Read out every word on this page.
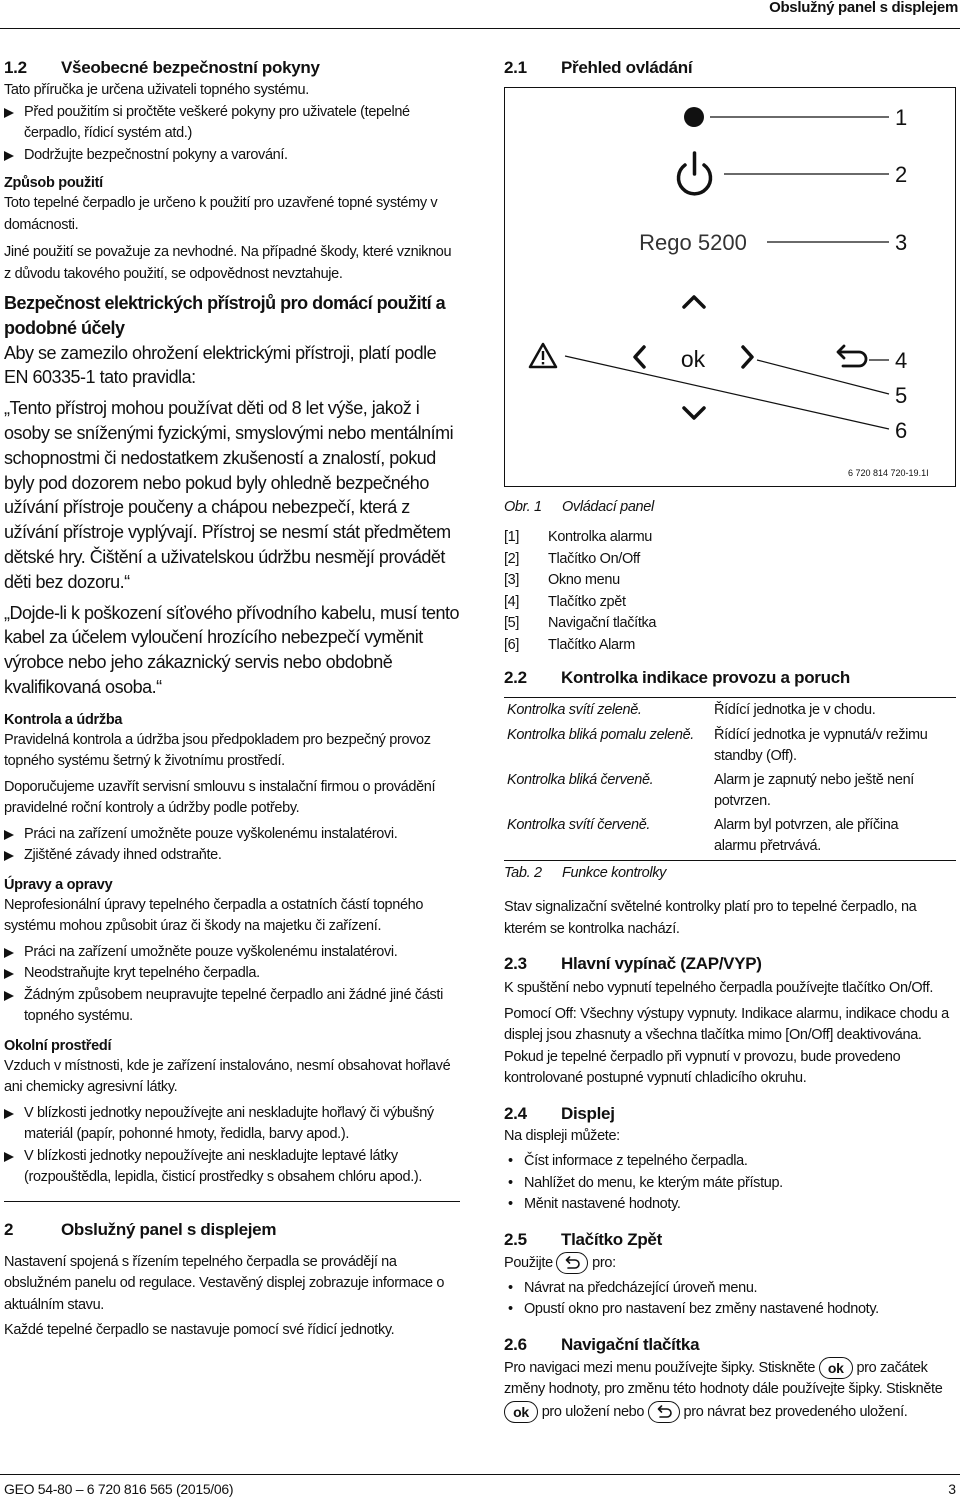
Obslužný panel s displejem
1.2 Všeobecné bezpečnostní pokyny
Tato příručka je určena uživateli topného systému.
Před použitím si pročtěte veškeré pokyny pro uživatele (tepelné čerpadlo, řídicí systém atd.)
Dodržujte bezpečnostní pokyny a varování.
Způsob použití
Toto tepelné čerpadlo je určeno k použití pro uzavřené topné systémy v domácnosti.
Jiné použití se považuje za nevhodné. Na případné škody, které vzniknou z důvodu takového použití, se odpovědnost nevztahuje.
Bezpečnost elektrických přístrojů pro domácí použití a podobné účely
Aby se zamezilo ohrožení elektrickými přístroji, platí podle EN 60335-1 tato pravidla:
„Tento přístroj mohou používat děti od 8 let výše, jakož i osoby se sníženými fyzickými, smyslovými nebo mentálními schopnostmi či nedostatkem zkušeností a znalostí, pokud byly pod dozorem nebo pokud byly ohledně bezpečného užívání přístroje poučeny a chápou nebezpečí, která z užívání přístroje vyplývají. Přístroj se nesmí stát předmětem dětské hry. Čištění a uživatelskou údržbu nesmějí provádět děti bez dozoru.“
„Dojde-li k poškození síťového přívodního kabelu, musí tento kabel za účelem vyloučení hrozícího nebezpečí vyměnit výrobce nebo jeho zákaznický servis nebo obdobně kvalifikovaná osoba.“
Kontrola a údržba
Pravidelná kontrola a údržba jsou předpokladem pro bezpečný provoz topného systému šetrný k životnímu prostředí.
Doporučujeme uzavřít servisní smlouvu s instalační firmou o provádění pravidelné roční kontroly a údržby podle potřeby.
Práci na zařízení umožněte pouze vyškolenému instalatérovi.
Zjištěné závady ihned odstraňte.
Úpravy a opravy
Neprofesionální úpravy tepelného čerpadla a ostatních částí topného systému mohou způsobit úraz či škody na majetku či zařízení.
Práci na zařízení umožněte pouze vyškolenému instalatérovi.
Neodstraňujte kryt tepelného čerpadla.
Žádným způsobem neupravujte tepelné čerpadlo ani žádné jiné části topného systému.
Okolní prostředí
Vzduch v místnosti, kde je zařízení instalováno, nesmí obsahovat hořlavé ani chemicky agresivní látky.
V blízkosti jednotky nepoužívejte ani neskladujte hořlavý či výbušný materiál (papír, pohonné hmoty, ředidla, barvy apod.).
V blízkosti jednotky nepoužívejte ani neskladujte leptavé látky (rozpouštědla, lepidla, čisticí prostředky s obsahem chlóru apod.).
2	Obslužný panel s displejem
Nastavení spojená s řízením tepelného čerpadla se provádějí na obslužném panelu od regulace. Vestavěný displej zobrazuje informace o aktuálním stavu.
Každé tepelné čerpadlo se nastavuje pomocí své řídicí jednotky.
2.1 Přehled ovládání
Rego 5200
ok
1
2
3
4
5
6
6 720 814 720-19.1I
Obr. 1 Ovládací panel
[1] Kontrolka alarmu
[2] Tlačítko On/Off
[3] Okno menu
[4] Tlačítko zpět
[5] Navigační tlačítka
[6] Tlačítko Alarm
2.2 Kontrolka indikace provozu a poruch
Kontrolka svítí zeleně.	Řídící jednotka je v chodu.
Kontrolka bliká pomalu zeleně.	Řídící jednotka je vypnutá/v režimu standby (Off).
Kontrolka bliká červeně.	Alarm je zapnutý nebo ještě není potvrzen.
Kontrolka svítí červeně.	Alarm byl potvrzen, ale příčina alarmu přetrvává.
Tab. 2 Funkce kontrolky
Stav signalizační světelné kontrolky platí pro to tepelné čerpadlo, na kterém se kontrolka nachází.
2.3 Hlavní vypínač (ZAP/VYP)
K spuštění nebo vypnutí tepelného čerpadla používejte tlačítko On/Off.
Pomocí Off: Všechny výstupy vypnuty. Indikace alarmu, indikace chodu a displej jsou zhasnuty a všechna tlačítka mimo [On/Off] deaktivována. Pokud je tepelné čerpadlo při vypnutí v provozu, bude provedeno kontrolované postupné vypnutí chladicího okruhu.
2.4 Displej
Na displeji můžete:
• Číst informace z tepelného čerpadla.
• Nahlížet do menu, ke kterým máte přístup.
• Měnit nastavené hodnoty.
2.5 Tlačítko Zpět
Použijte	pro:
• Návrat na předcházející úroveň menu.
• Opustí okno pro nastavení bez změny nastavené hodnoty.
2.6 Navigační tlačítka
Pro navigaci mezi menu používejte šipky. Stiskněte ok pro začátek změny hodnoty, pro změnu této hodnoty dále používejte šipky. Stiskněte ok pro uložení nebo	pro návrat bez provedeného uložení.
GEO 54-80 – 6 720 816 565 (2015/06)	3
